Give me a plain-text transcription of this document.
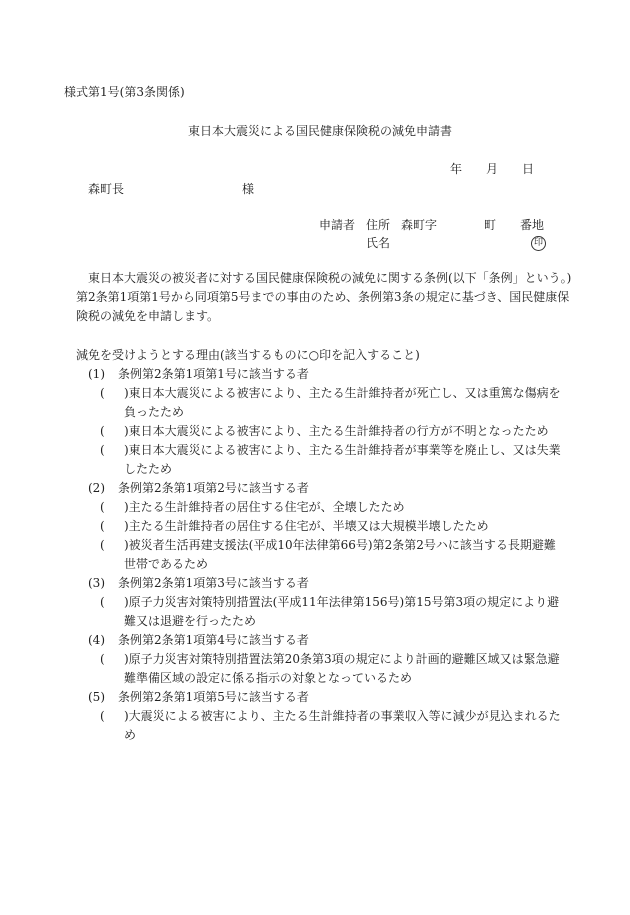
様式第1号(第3条関係)
東日本大震災による国民健康保険税の減免申請書
年 月 日
森町長	様
申請者 住所 森町字	町 番地
氏名	印
東日本大震災の被災者に対する国民健康保険税の減免に関する条例(以下「条例」という。)
第2条第1項第1号から同項第5号までの事由のため、条例第3条の規定に基づき、国民健康保
険税の減免を申請します。
減免を受けようとする理由(該当するものに○印を記入すること)
(1) 条例第2条第1項第1号に該当する者
( )東日本大震災による被害により、主たる生計維持者が死亡し、又は重篤な傷病を
負ったため
( )東日本大震災による被害により、主たる生計維持者の行方が不明となったため
( )東日本大震災による被害により、主たる生計維持者が事業等を廃止し、又は失業
したため
(2) 条例第2条第1項第2号に該当する者
( )主たる生計維持者の居住する住宅が、全壊したため
( )主たる生計維持者の居住する住宅が、半壊又は大規模半壊したため
( )被災者生活再建支援法(平成10年法律第66号)第2条第2号ハに該当する長期避難
世帯であるため
(3) 条例第2条第1項第3号に該当する者
( )原子力災害対策特別措置法(平成11年法律第156号)第15号第3項の規定により避
難又は退避を行ったため
(4) 条例第2条第1項第4号に該当する者
( )原子力災害対策特別措置法第20条第3項の規定により計画的避難区域又は緊急避
難準備区域の設定に係る指示の対象となっているため
(5) 条例第2条第1項第5号に該当する者
( )大震災による被害により、主たる生計維持者の事業収入等に減少が見込まれるた
め
